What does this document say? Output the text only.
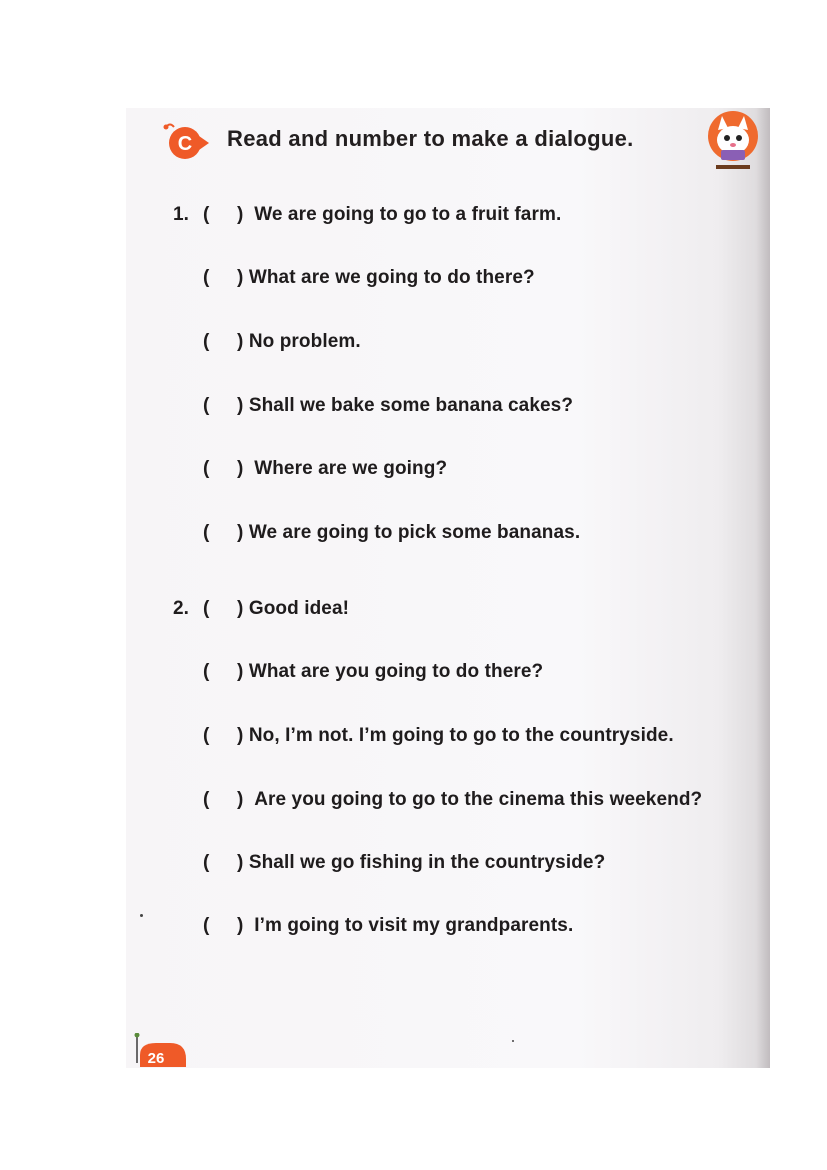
C Read and number to make a dialogue.
1. ( )  We are going to go to a fruit farm.
( ) What are we going to do there?
( ) No problem.
( ) Shall we bake some banana cakes?
( )  Where are we going?
( ) We are going to pick some bananas.
2. ( ) Good idea!
( ) What are you going to do there?
( ) No, I’m not. I’m going to go to the countryside.
( )  Are you going to go to the cinema this weekend?
( ) Shall we go fishing in the countryside?
( )  I’m going to visit my grandparents.
26
